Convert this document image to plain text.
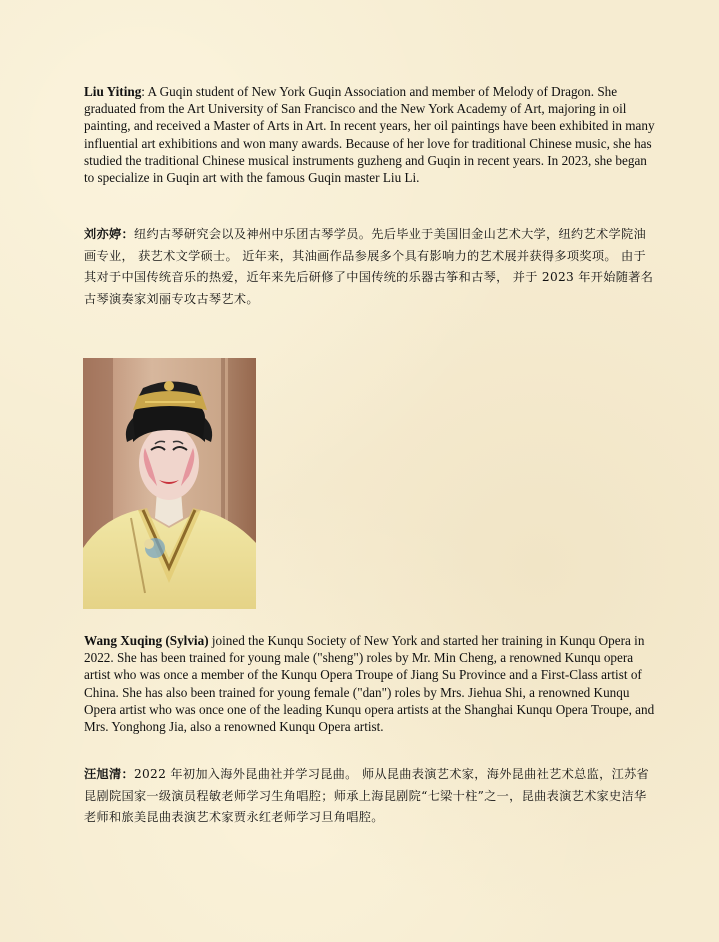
Liu Yiting: A Guqin student of New York Guqin Association and member of Melody of Dragon. She graduated from the Art University of San Francisco and the New York Academy of Art, majoring in oil painting, and received a Master of Arts in Art. In recent years, her oil paintings have been exhibited in many influential art exhibitions and won many awards. Because of her love for traditional Chinese music, she has studied the traditional Chinese musical instruments guzheng and Guqin in recent years. In 2023, she began to specialize in Guqin art with the famous Guqin master Liu Li.

刘亦婷：纽约古琴研究会以及神州中乐团古琴学员。先后毕业于美国旧金山艺术大学，纽约艺术学院油画专业， 获艺术文学硕士。 近年来，其油画作品参展多个具有影响力的艺术展并获得多项奖项。 由于其对于中国传统音乐的热爱，近年来先后研修了中国传统的乐器古筝和古琴， 并于 2023 年开始随著名古琴演奏家刘丽专攻古琴艺术。

Wang Xuqing (Sylvia) joined the Kunqu Society of New York and started her training in Kunqu Opera in 2022. She has been trained for young male ("sheng") roles by Mr. Min Cheng, a renowned Kunqu opera artist who was once a member of the Kunqu Opera Troupe of Jiang Su Province and a First-Class artist of China. She has also been trained for young female ("dan") roles by Mrs. Jiehua Shi, a renowned Kunqu Opera artist who was once one of the leading Kunqu opera artists at the Shanghai Kunqu Opera Troupe, and Mrs. Yonghong Jia, also a renowned Kunqu Opera artist.

汪旭清：2022 年初加入海外昆曲社并学习昆曲。 师从昆曲表演艺术家，海外昆曲社艺术总监，江苏省昆剧院国家一级演员程敏老师学习生角唱腔；师承上海昆剧院“七梁十柱”之一，昆曲表演艺术家史洁华老师和旅美昆曲表演艺术家贾永红老师学习旦角唱腔。
